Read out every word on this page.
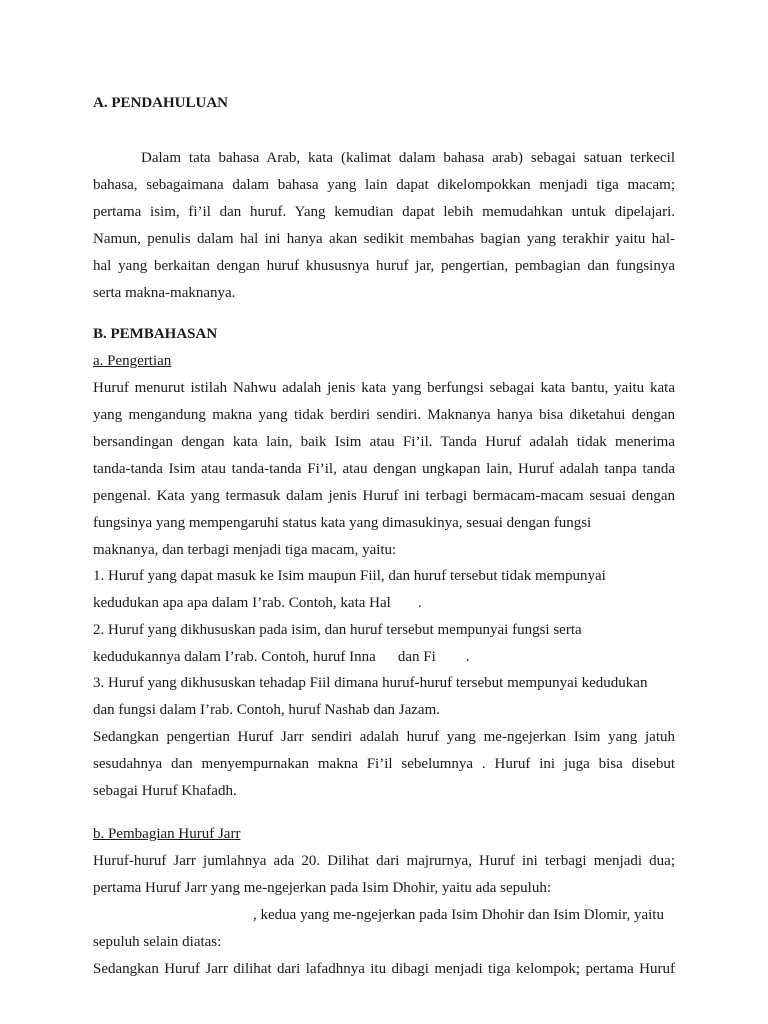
A. PENDAHULUAN
Dalam tata bahasa Arab, kata (kalimat dalam bahasa arab) sebagai satuan terkecil
bahasa, sebagaimana dalam bahasa yang lain dapat dikelompokkan menjadi tiga macam;
pertama isim, fi’il dan huruf. Yang kemudian dapat lebih memudahkan untuk dipelajari.
Namun, penulis dalam hal ini hanya akan sedikit membahas bagian yang terakhir yaitu hal-
hal yang berkaitan dengan huruf khususnya huruf jar, pengertian, pembagian dan fungsinya
serta makna-maknanya.
B. PEMBAHASAN
a. Pengertian
Huruf menurut istilah Nahwu adalah jenis kata yang berfungsi sebagai kata bantu, yaitu kata
yang mengandung makna yang tidak berdiri sendiri. Maknanya hanya bisa diketahui dengan
bersandingan dengan kata lain, baik Isim atau Fi’il. Tanda Huruf adalah tidak menerima
tanda-tanda Isim atau tanda-tanda Fi’il, atau dengan ungkapan lain, Huruf adalah tanpa tanda
pengenal. Kata yang termasuk dalam jenis Huruf ini terbagi bermacam-macam sesuai dengan
fungsinya yang mempengaruhi status kata yang dimasukinya, sesuai dengan fungsi
maknanya, dan terbagi menjadi tiga macam, yaitu:
1. Huruf yang dapat masuk ke Isim maupun Fiil, dan huruf tersebut tidak mempunyai
kedudukan apa apa dalam I’rab. Contoh, kata Hal .
2. Huruf yang dikhususkan pada isim, dan huruf tersebut mempunyai fungsi serta
kedudukannya dalam I’rab. Contoh, huruf Inna dan Fi .
3. Huruf yang dikhususkan tehadap Fiil dimana huruf-huruf tersebut mempunyai kedudukan
dan fungsi dalam I’rab. Contoh, huruf Nashab dan Jazam.
Sedangkan pengertian Huruf Jarr sendiri adalah huruf yang me-ngejerkan Isim yang jatuh
sesudahnya dan menyempurnakan makna Fi’il sebelumnya . Huruf ini juga bisa disebut
sebagai Huruf Khafadh.
b. Pembagian Huruf Jarr
Huruf-huruf Jarr jumlahnya ada 20. Dilihat dari majrurnya, Huruf ini terbagi menjadi dua;
pertama Huruf Jarr yang me-ngejerkan pada Isim Dhohir, yaitu ada sepuluh:
, kedua yang me-ngejerkan pada Isim Dhohir dan Isim Dlomir, yaitu
sepuluh selain diatas:
Sedangkan Huruf Jarr dilihat dari lafadhnya itu dibagi menjadi tiga kelompok; pertama Huruf
